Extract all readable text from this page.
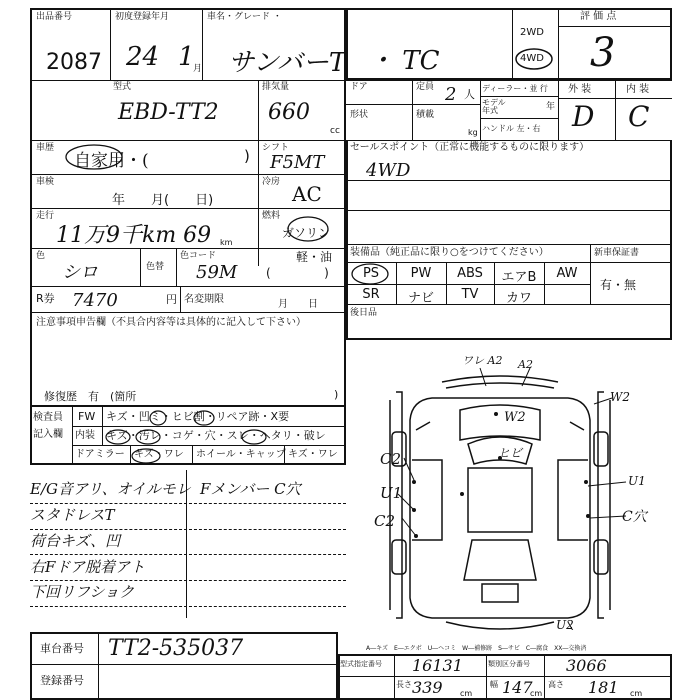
出品番号
2087
初度登録年月
24 1
月
車名・グレード ・
サンバーT ・ TC
2WD
4WD
評 価 点
3
型式
EBD-TT2
排気量
660
cc
ドア	定員 2 人
形状	積載
kg
ディーラー・並 行
モデル 年式	年
ハンドル 左・右
外 装	内 装
D C
車歴
自家用・(	) シフト
F5MT
車検
年　　月(　　日)
冷房 AC
走行
11万9千km 69 km
燃料
ガソリン
軽・油
色
シロ	色替
色コード
59M (              )
R券 7470	円 名変期限	月　　日
セールスポイント（正常に機能するものに限ります）
4WD
装備品（純正品に限り○をつけてください）	新車保証書
有・無
PS	PW	ABS	エアB	AW
SR	ナビ	TV	カワ
後日品
注意事項申告欄（不具合内容等は具体的に記入して下さい）
修復歴　有　(箇所	)
検査員
記入欄
FW キズ・凹ミ・ヒビ割・リペア跡・X要
内装 キズ・汚レ・コゲ・穴・スレ・ヘタリ・破レ
ドアミラー キズ・ワレ ホイール・キャップ キズ・ワレ
E/G音アリ、オイルモレ
スタドレスT
荷台キズ、凹
右Fドア脱着アト
下回リフショク
Fメンバー C穴
ワレ A2 A2
W2
W2
ヒビ
C2
U1
C2
U1
C穴
U2
A―キズ　E―エクボ　U―ヘコミ　W―補修跡　S―サビ　C―腐食　XX―交換済
車台番号 TT2-535037
登録番号
型式指定番号 16131	類別区分番号 3066
長さ 339 cm
幅 147
cm
高さ 181 cm
